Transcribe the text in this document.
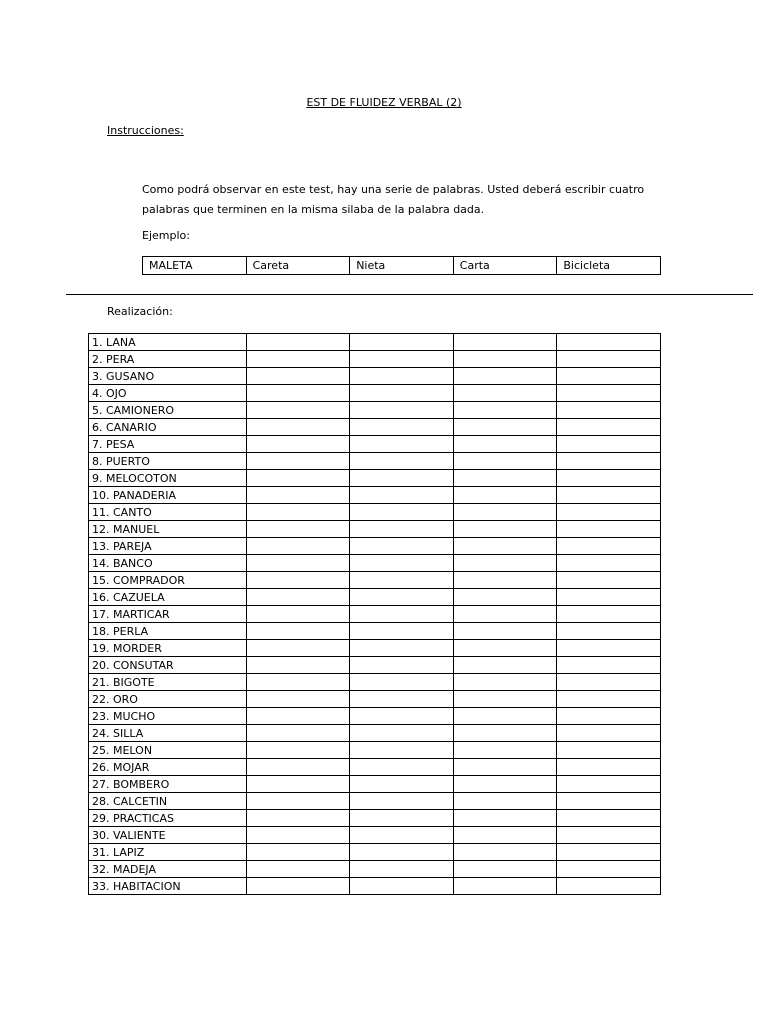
EST DE FLUIDEZ VERBAL (2)
Instrucciones:
Como podrá observar en este test, hay una serie de palabras. Usted deberá escribir cuatro palabras que terminen en la misma silaba de la palabra dada.
Ejemplo:
MALETA	Careta	Nieta	Carta	Bicicleta
Realización:
1. LANA				
2. PERA				
3. GUSANO				
4. OJO				
5. CAMIONERO				
6. CANARIO				
7. PESA				
8. PUERTO				
9. MELOCOTON				
10. PANADERIA				
11. CANTO				
12. MANUEL				
13. PAREJA				
14. BANCO				
15. COMPRADOR				
16. CAZUELA				
17. MARTICAR				
18. PERLA				
19. MORDER				
20. CONSUTAR				
21. BIGOTE				
22. ORO				
23. MUCHO				
24. SILLA				
25. MELON				
26. MOJAR				
27. BOMBERO				
28. CALCETIN				
29. PRACTICAS				
30. VALIENTE				
31. LAPIZ				
32. MADEJA				
33. HABITACION				
